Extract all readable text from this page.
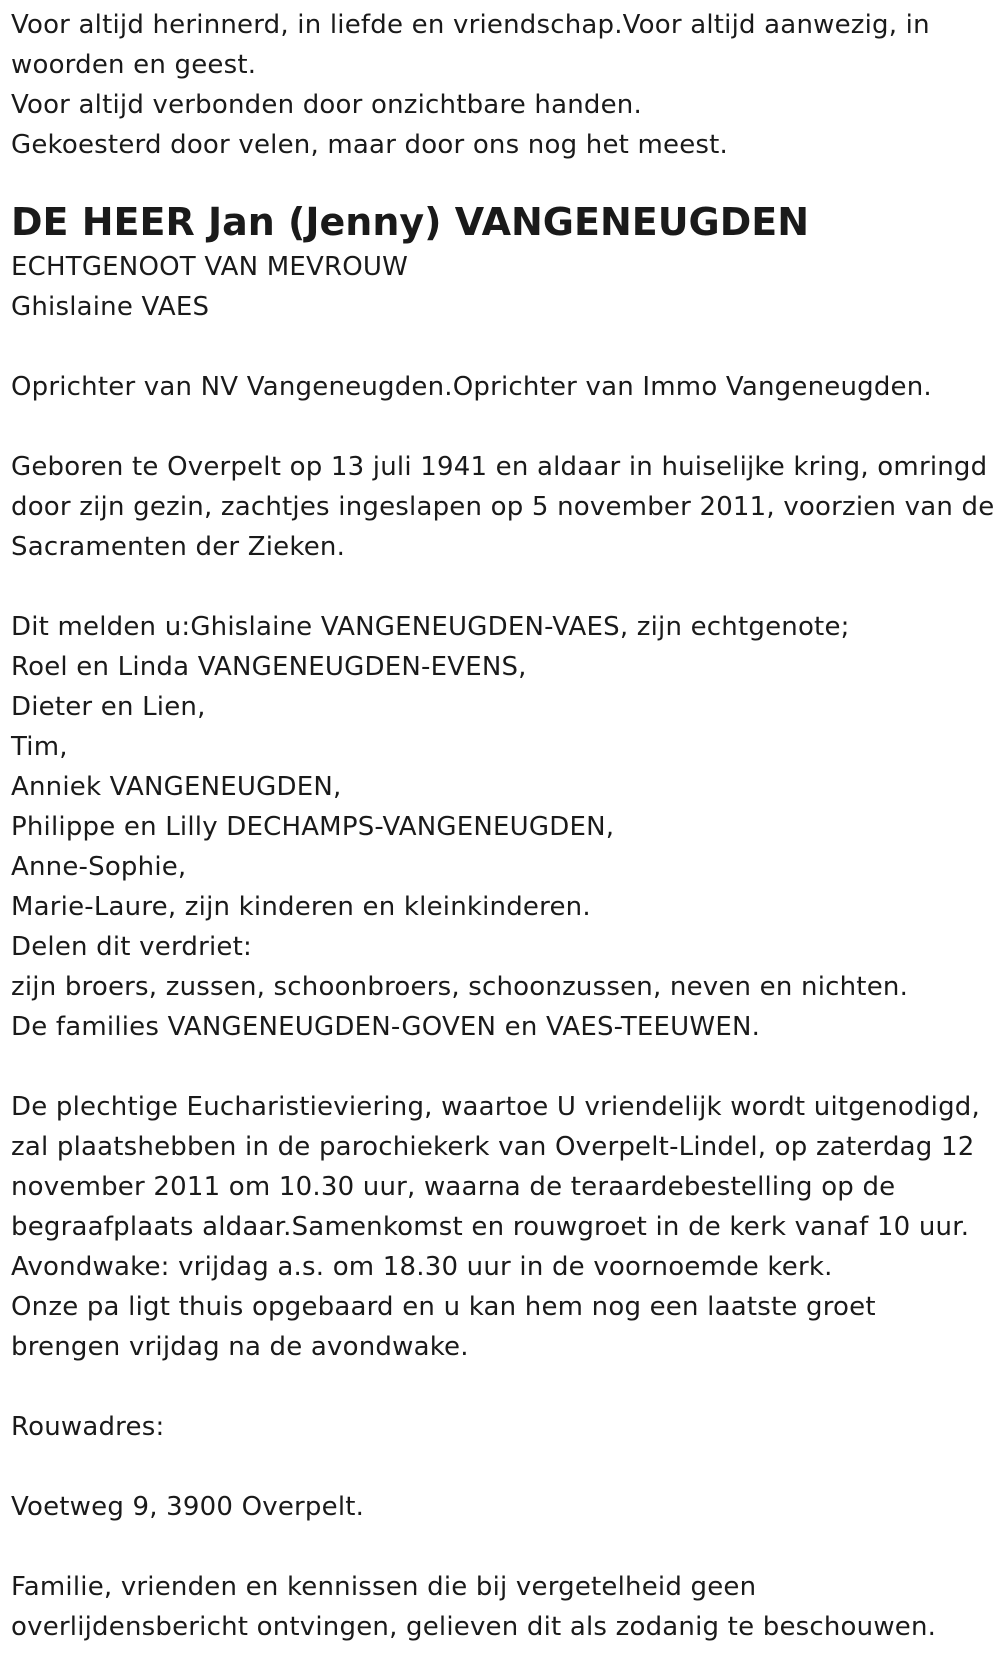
Voor altijd herinnerd, in liefde en vriendschap.Voor altijd aanwezig, in
woorden en geest.
Voor altijd verbonden door onzichtbare handen.
Gekoesterd door velen, maar door ons nog het meest.
DE HEER Jan (Jenny) VANGENEUGDEN
ECHTGENOOT VAN MEVROUW
Ghislaine VAES
Oprichter van NV Vangeneugden.Oprichter van Immo Vangeneugden.
Geboren te Overpelt op 13 juli 1941 en aldaar in huiselijke kring, omringd
door zijn gezin, zachtjes ingeslapen op 5 november 2011, voorzien van de
Sacramenten der Zieken.
Dit melden u:Ghislaine VANGENEUGDEN-VAES, zijn echtgenote;
Roel en Linda VANGENEUGDEN-EVENS,
Dieter en Lien,
Tim,
Anniek VANGENEUGDEN,
Philippe en Lilly DECHAMPS-VANGENEUGDEN,
Anne-Sophie,
Marie-Laure, zijn kinderen en kleinkinderen.
Delen dit verdriet:
zijn broers, zussen, schoonbroers, schoonzussen, neven en nichten.
De families VANGENEUGDEN-GOVEN en VAES-TEEUWEN.
De plechtige Eucharistieviering, waartoe U vriendelijk wordt uitgenodigd,
zal plaatshebben in de parochiekerk van Overpelt-Lindel, op zaterdag 12
november 2011 om 10.30 uur, waarna de teraardebestelling op de
begraafplaats aldaar.Samenkomst en rouwgroet in de kerk vanaf 10 uur.
Avondwake: vrijdag a.s. om 18.30 uur in de voornoemde kerk.
Onze pa ligt thuis opgebaard en u kan hem nog een laatste groet
brengen vrijdag na de avondwake.
Rouwadres:
Voetweg 9, 3900 Overpelt.
Familie, vrienden en kennissen die bij vergetelheid geen
overlijdensbericht ontvingen, gelieven dit als zodanig te beschouwen.
